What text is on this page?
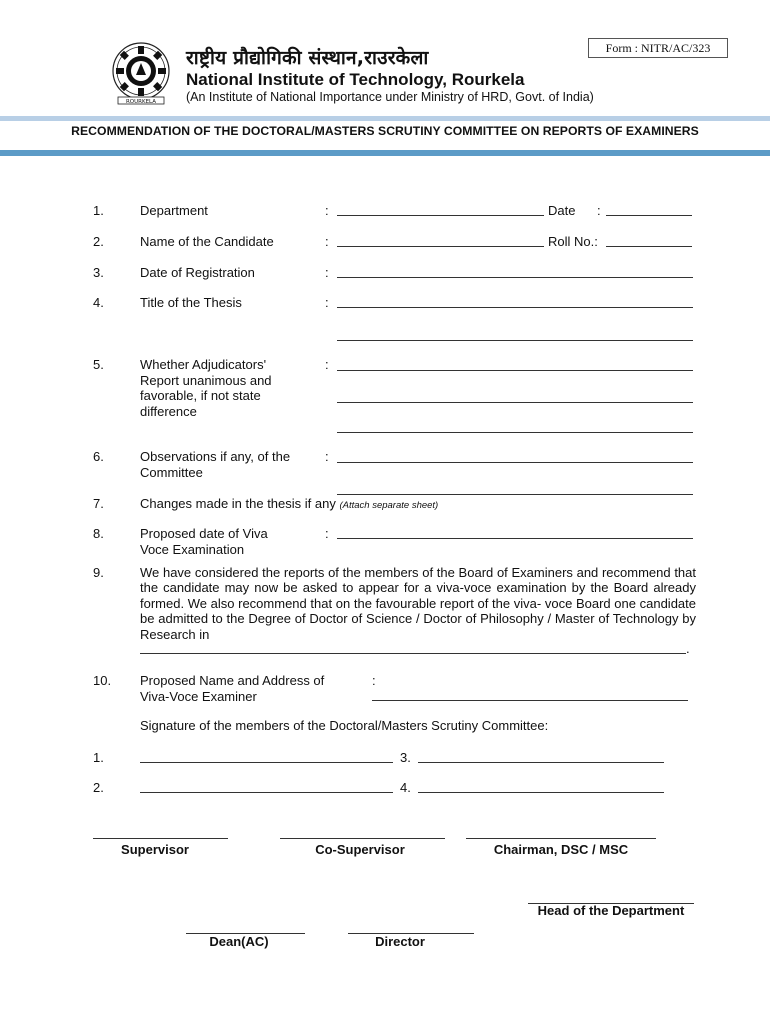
ROURKELA
राष्ट्रीय प्रौद्योगिकी संस्थान,राउरकेला
National Institute of Technology, Rourkela
(An Institute of National Importance under Ministry of HRD, Govt. of India)
Form : NITR/AC/323
RECOMMENDATION OF THE DOCTORAL/MASTERS SCRUTINY COMMITTEE ON REPORTS OF EXAMINERS
1.	Department	:	Date :
2.	Name of the Candidate	:	Roll No.:
3.	Date of Registration	:
4.	Title of the Thesis	:
5.	Whether Adjudicators' Report unanimous and favorable, if not state difference
:
6.	Observations if any, of the Committee
:
7.	Changes made in the thesis if any (Attach separate sheet)
8.	Proposed date of Viva Voce Examination
:
9.	We have considered the reports of the members of the Board of Examiners and recommend that the candidate may now be asked to appear for a viva-voce examination by the Board already formed. We also recommend that on the favourable report of the viva- voce Board one candidate be admitted to the Degree of Doctor of Science / Doctor of Philosophy / Master of Technology by Research in
.
10. Proposed Name and Address of Viva-Voce Examiner
:
Signature of the members of the Doctoral/Masters Scrutiny Committee:
1.	3.
2.	4.
Supervisor	Co-Supervisor	Chairman, DSC / MSC
Head of the Department
Dean(AC)	Director
